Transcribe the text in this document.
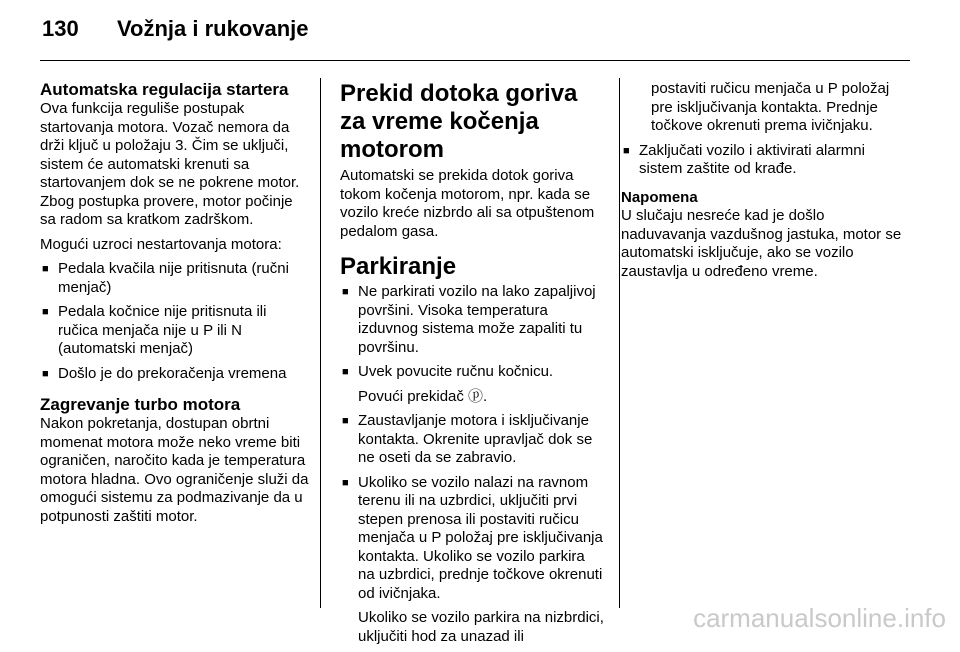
130 Vožnja i rukovanje
Automatska regulacija startera

Ova funkcija reguliše postupak startovanja motora. Vozač nemora da drži ključ u položaju 3. Čim se uključi, sistem će automatski krenuti sa startovanjem dok se ne pokrene motor. Zbog postupka provere, motor počinje sa radom sa kratkom zadrškom.

Mogući uzroci nestartovanja motora:

■ Pedala kvačila nije pritisnuta (ručni menjač)
■ Pedala kočnice nije pritisnuta ili ručica menjača nije u P ili N (automatski menjač)
■ Došlo je do prekoračenja vremena
Zagrevanje turbo motora

Nakon pokretanja, dostupan obrtni momenat motora može neko vreme biti ograničen, naročito kada je temperatura motora hladna. Ovo ograničenje služi da omogući sistemu za podmazivanje da u potpunosti zaštiti motor.

Prekid dotoka goriva za vreme kočenja motorom

Automatski se prekida dotok goriva tokom kočenja motorom, npr. kada se vozilo kreće nizbrdo ali sa otpuštenom pedalom gasa.

Parkiranje
■ Ne parkirati vozilo na lako zapaljivoj površini. Visoka temperatura izduvnog sistema može zapaliti tu površinu.
■ Uvek povucite ručnu kočnicu.
Povući prekidač ⓟ.
■ Zaustavljanje motora i isključivanje kontakta. Okrenite upravljač dok se ne oseti da se zabravio.
■ Ukoliko se vozilo nalazi na ravnom terenu ili na uzbrdici, uključiti prvi stepen prenosa ili postaviti ručicu menjača u P položaj pre isključivanja kontakta. Ukoliko se vozilo parkira na uzbrdici, prednje točkove okrenuti od ivičnjaka.
Ukoliko se vozilo parkira na nizbrdici, uključiti hod za unazad ili

postaviti ručicu menjača u P položaj pre isključivanja kontakta. Prednje točkove okrenuti prema ivičnjaku.

■ Zaključati vozilo i aktivirati alarmni sistem zaštite od krađe.
Napomena

U slučaju nesreće kad je došlo naduvavanja vazdušnog jastuka, motor se automatski isključuje, ako se vozilo zaustavlja u određeno vreme.

carmanualsonline.info
